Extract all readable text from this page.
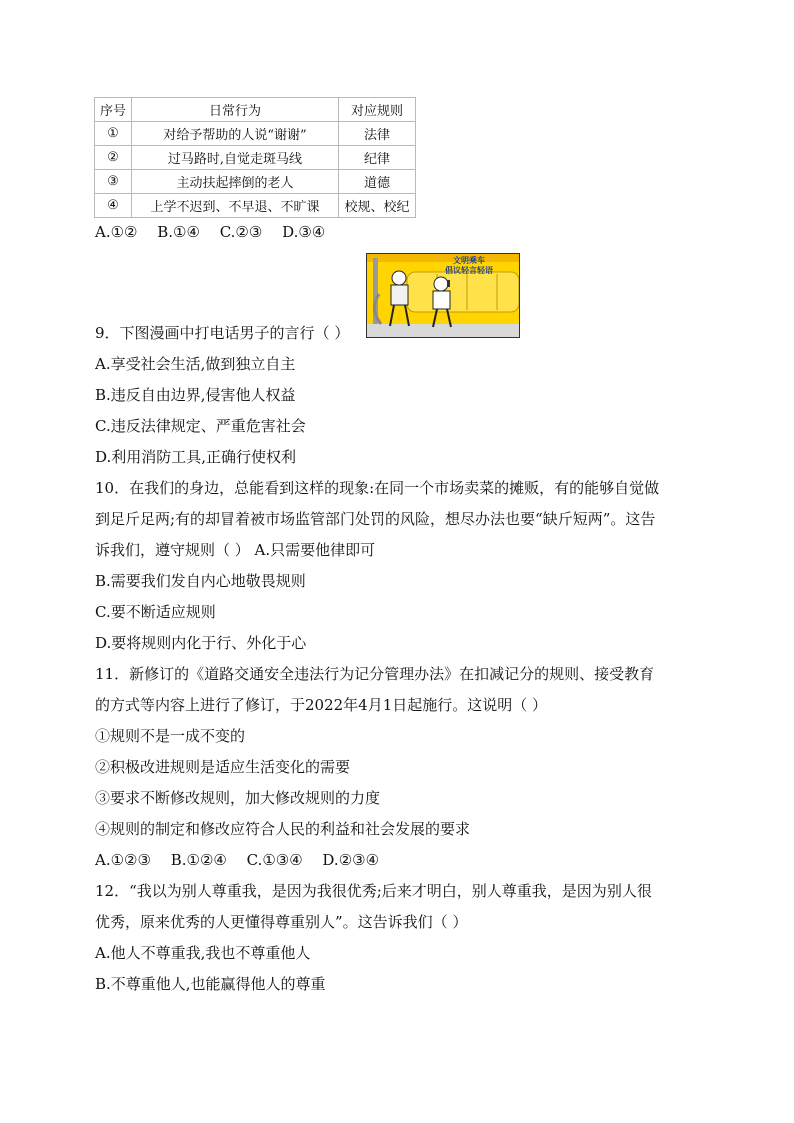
序号	日常行为	对应规则
①	对给予帮助的人说“谢谢”	法律
②	过马路时,自觉走斑马线	纪律
③	主动扶起摔倒的老人	道德
④	上学不迟到、不早退、不旷课	校规、校纪
A.①②　 B.①④　 C.②③　 D.③④
文明乘车
倡议轻言轻语
9．下图漫画中打电话男子的言行（ ）
A.享受社会生活,做到独立自主
B.违反自由边界,侵害他人权益
C.违反法律规定、严重危害社会
D.利用消防工具,正确行使权利
10．在我们的身边，总能看到这样的现象:在同一个市场卖菜的摊贩，有的能够自觉做
到足斤足两;有的却冒着被市场监管部门处罚的风险，想尽办法也要“缺斤短两”。这告
诉我们，遵守规则（ ） A.只需要他律即可
B.需要我们发自内心地敬畏规则
C.要不断适应规则
D.要将规则内化于行、外化于心
11．新修订的《道路交通安全违法行为记分管理办法》在扣减记分的规则、接受教育
的方式等内容上进行了修订，于2022年4月1日起施行。这说明（ ）
①规则不是一成不变的
②积极改进规则是适应生活变化的需要
③要求不断修改规则，加大修改规则的力度
④规则的制定和修改应符合人民的利益和社会发展的要求
A.①②③　 B.①②④　 C.①③④　 D.②③④
12．“我以为别人尊重我，是因为我很优秀;后来才明白，别人尊重我，是因为别人很
优秀，原来优秀的人更懂得尊重别人”。这告诉我们（ ）
A.他人不尊重我,我也不尊重他人
B.不尊重他人,也能赢得他人的尊重
